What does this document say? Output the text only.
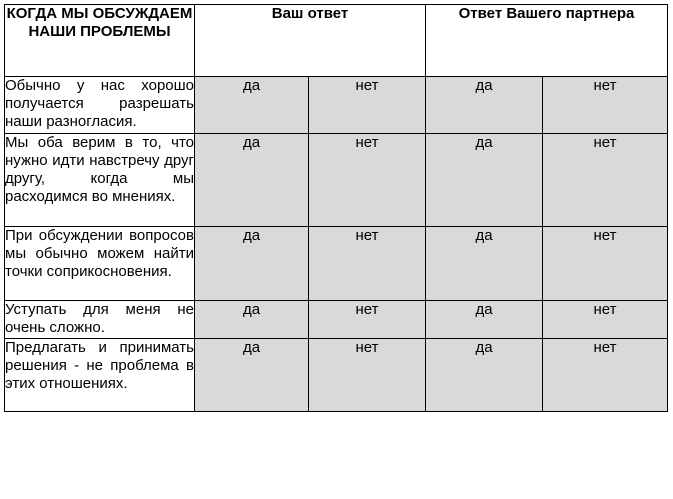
КОГДА МЫ ОБСУЖДАЕМ НАШИ ПРОБЛЕМЫ	Ваш ответ		Ответ Вашего партнера	
Обычно у нас хорошо получается разрешать наши разногласия.	да	нет	да	нет
Мы оба верим в то, что нужно идти навстречу друг другу, когда мы расходимся во мнениях.	да	нет	да	нет
При обсуждении вопросов мы обычно можем найти точки соприкосновения.	да	нет	да	нет
Уступать для меня не очень сложно.	да	нет	да	нет
Предлагать и принимать решения - не проблема в этих отношениях.	да	нет	да	нет
